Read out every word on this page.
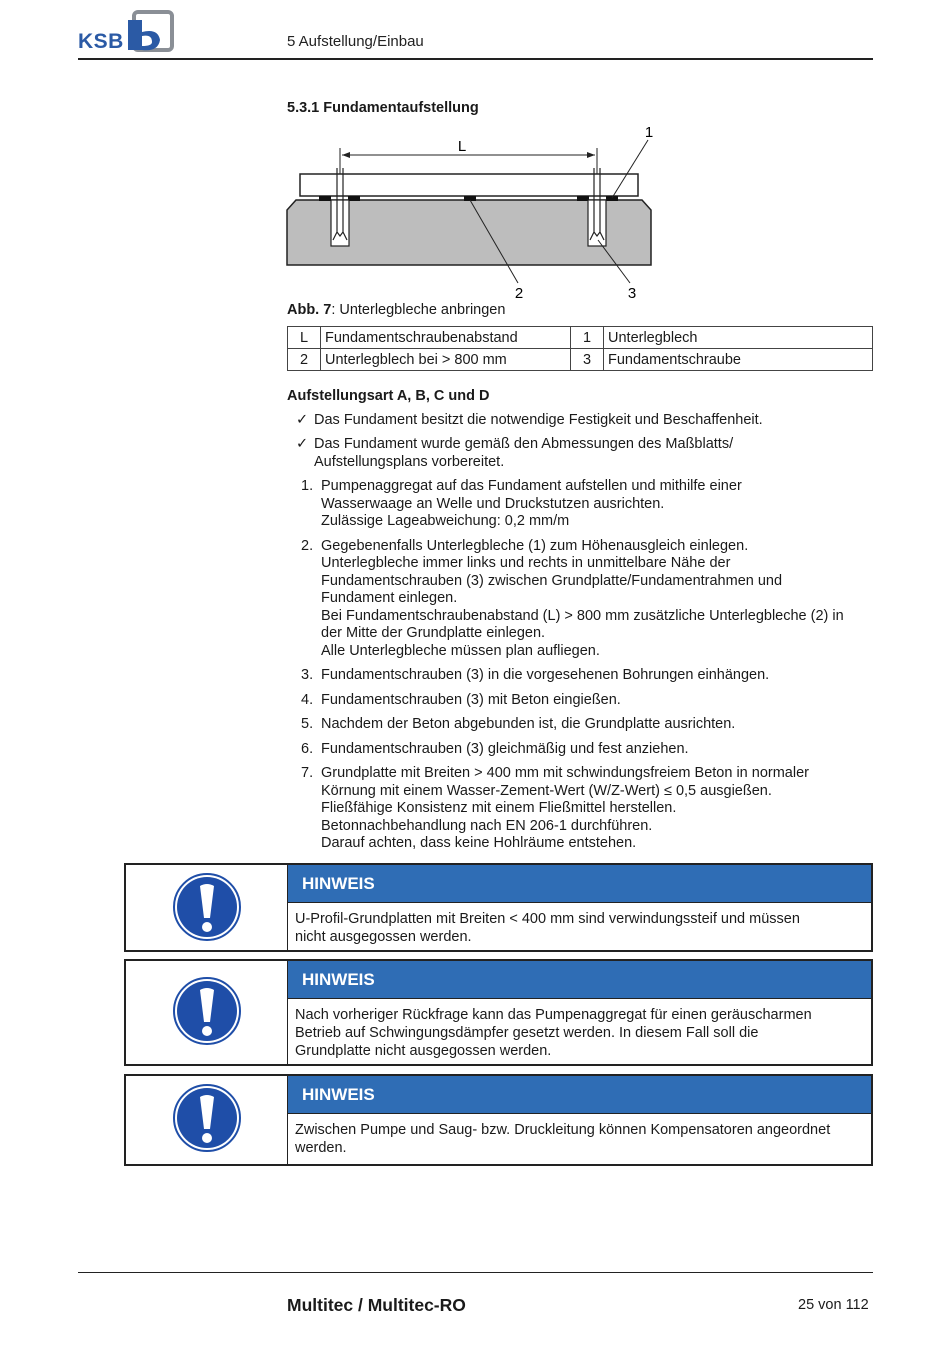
KSB	5 Aufstellung/Einbau
5.3.1 Fundamentaufstellung
L
1
2	3
Abb. 7: Unterlegbleche anbringen
L	Fundamentschraubenabstand	1	Unterlegblech
2	Unterlegblech bei > 800 mm	3	Fundamentschraube
Aufstellungsart A, B, C und D
✓ Das Fundament besitzt die notwendige Festigkeit und Beschaffenheit.
✓ Das Fundament wurde gemäß den Abmessungen des Maßblatts/
Aufstellungsplans vorbereitet.
1. Pumpenaggregat auf das Fundament aufstellen und mithilfe einer
Wasserwaage an Welle und Druckstutzen ausrichten.
Zulässige Lageabweichung: 0,2 mm/m
2. Gegebenenfalls Unterlegbleche (1) zum Höhenausgleich einlegen.
Unterlegbleche immer links und rechts in unmittelbare Nähe der
Fundamentschrauben (3) zwischen Grundplatte/Fundamentrahmen und
Fundament einlegen.
Bei Fundamentschraubenabstand (L) > 800 mm zusätzliche Unterlegbleche (2) in
der Mitte der Grundplatte einlegen.
Alle Unterlegbleche müssen plan aufliegen.
3. Fundamentschrauben (3) in die vorgesehenen Bohrungen einhängen.
4. Fundamentschrauben (3) mit Beton eingießen.
5. Nachdem der Beton abgebunden ist, die Grundplatte ausrichten.
6. Fundamentschrauben (3) gleichmäßig und fest anziehen.
7. Grundplatte mit Breiten > 400 mm mit schwindungsfreiem Beton in normaler
Körnung mit einem Wasser-Zement-Wert (W/Z-Wert) ≤ 0,5 ausgießen.
Fließfähige Konsistenz mit einem Fließmittel herstellen.
Betonnachbehandlung nach EN 206-1 durchführen.
Darauf achten, dass keine Hohlräume entstehen.
HINWEIS
U-Profil-Grundplatten mit Breiten < 400 mm sind verwindungssteif und müssen
nicht ausgegossen werden.
HINWEIS
Nach vorheriger Rückfrage kann das Pumpenaggregat für einen geräuscharmen
Betrieb auf Schwingungsdämpfer gesetzt werden. In diesem Fall soll die
Grundplatte nicht ausgegossen werden.
HINWEIS
Zwischen Pumpe und Saug- bzw. Druckleitung können Kompensatoren angeordnet
werden.
Multitec / Multitec-RO	25 von 112
